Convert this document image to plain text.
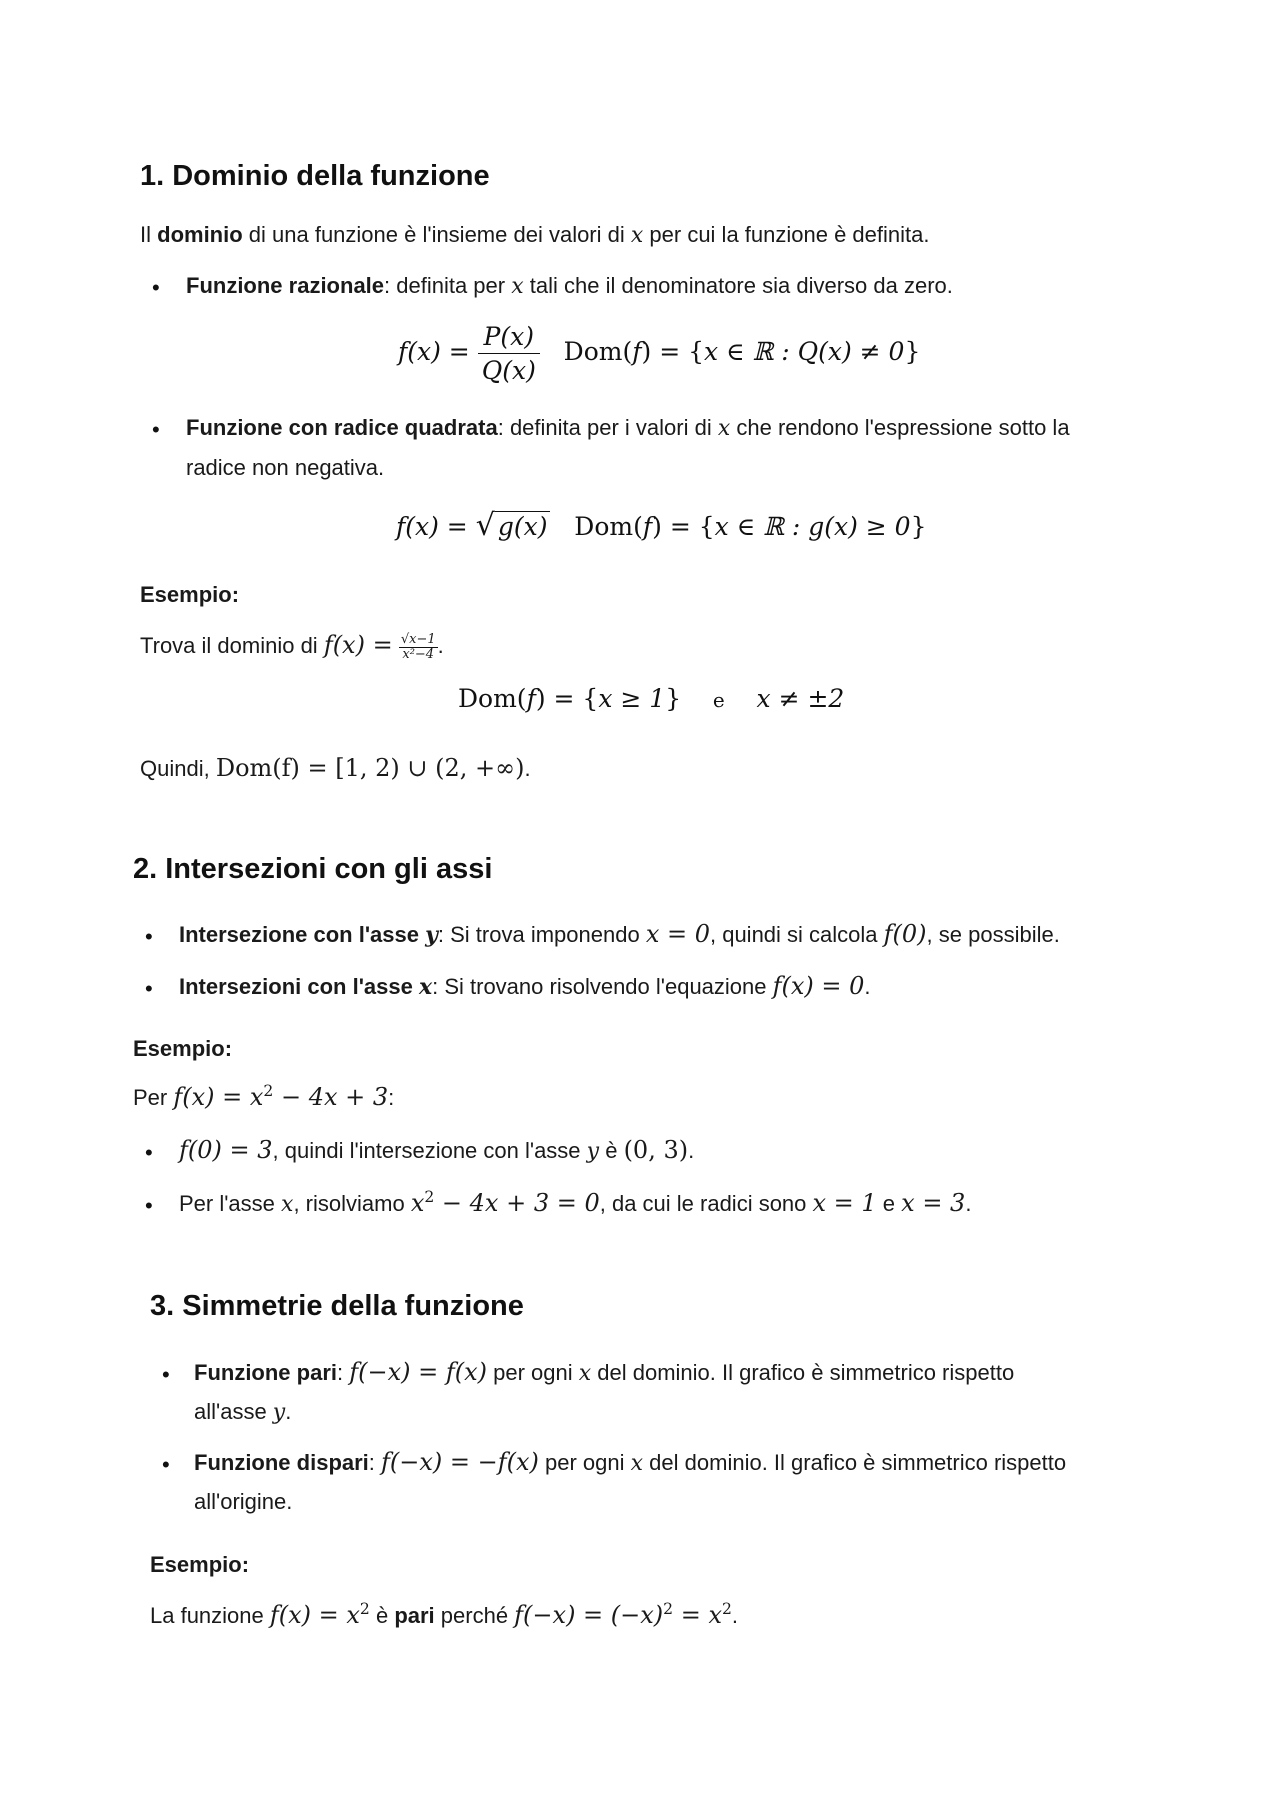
1. Dominio della funzione
Il dominio di una funzione è l'insieme dei valori di x per cui la funzione è definita.
• Funzione razionale: definita per x tali che il denominatore sia diverso da zero.
$f(x) = \frac{P(x)}{Q(x)} Dom(f) = \{x$ ∈ ℝ : Q(x) ≠ 0}
• Funzione con radice quadrata: definita per i valori di x che rendono l'espressione sotto la
radice non negativa.
f(x) = √ g(x) Dom(f) = {x ∈ ℝ : g(x) ≥ 0}
Esempio:
Trova il dominio di $f(x) = \frac{√x-1}{\text{x²−4}}$ .
Dom(f) = {x ≥ 1} e x ≠ ±2
Quindi, Dom(f) = [1, 2) ∪ (2, +∞).
2. Intersezioni con gli assi
• Intersezione con l'asse y: Si trova imponendo x = 0, quindi si calcola f(0), se possibile.
• Intersezioni con l'asse x: Si trovano risolvendo l'equazione f(x) = 0.
Esempio:
Per $f(x) = x^2 - 4x + 3$:
• f(0) = 3, quindi l'intersezione con l'asse y è (0, 3).
• Per l'asse x, risolviamo $x^2 - 4x + 3 = 0$, da cui le radici sono x = 1 e x = 3.
3. Simmetrie della funzione
• Funzione pari: f(−x) = f(x) per ogni x del dominio. Il grafico è simmetrico rispetto
all'asse y.
• Funzione dispari: f(−x) = −f(x) per ogni x del dominio. Il grafico è simmetrico rispetto
all'origine.
Esempio:
La funzione $f(x) = x^2$ è pari perché $f(-x) = (-x)^2 = x^2$.
